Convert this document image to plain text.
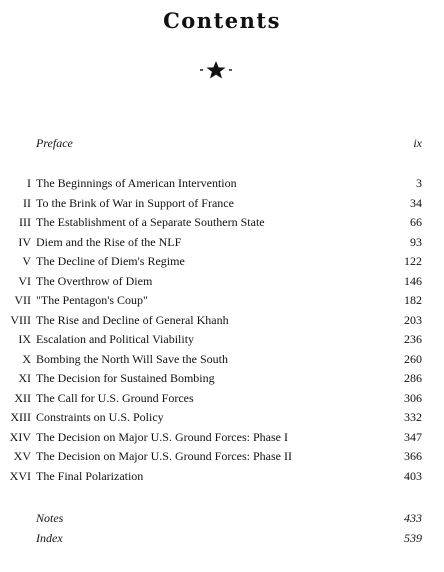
Contents
Preface	ix
I The Beginnings of American Intervention	3
II To the Brink of War in Support of France	34
III The Establishment of a Separate Southern State	66
IV Diem and the Rise of the NLF	93
V The Decline of Diem's Regime	122
VI The Overthrow of Diem	146
VII "The Pentagon's Coup"	182
VIII The Rise and Decline of General Khanh	203
IX Escalation and Political Viability	236
X Bombing the North Will Save the South	260
XI The Decision for Sustained Bombing	286
XII The Call for U.S. Ground Forces	306
XIII Constraints on U.S. Policy	332
XIV The Decision on Major U.S. Ground Forces: Phase I	347
XV The Decision on Major U.S. Ground Forces: Phase II	366
XVI The Final Polarization	403
Notes	433
Index	539
